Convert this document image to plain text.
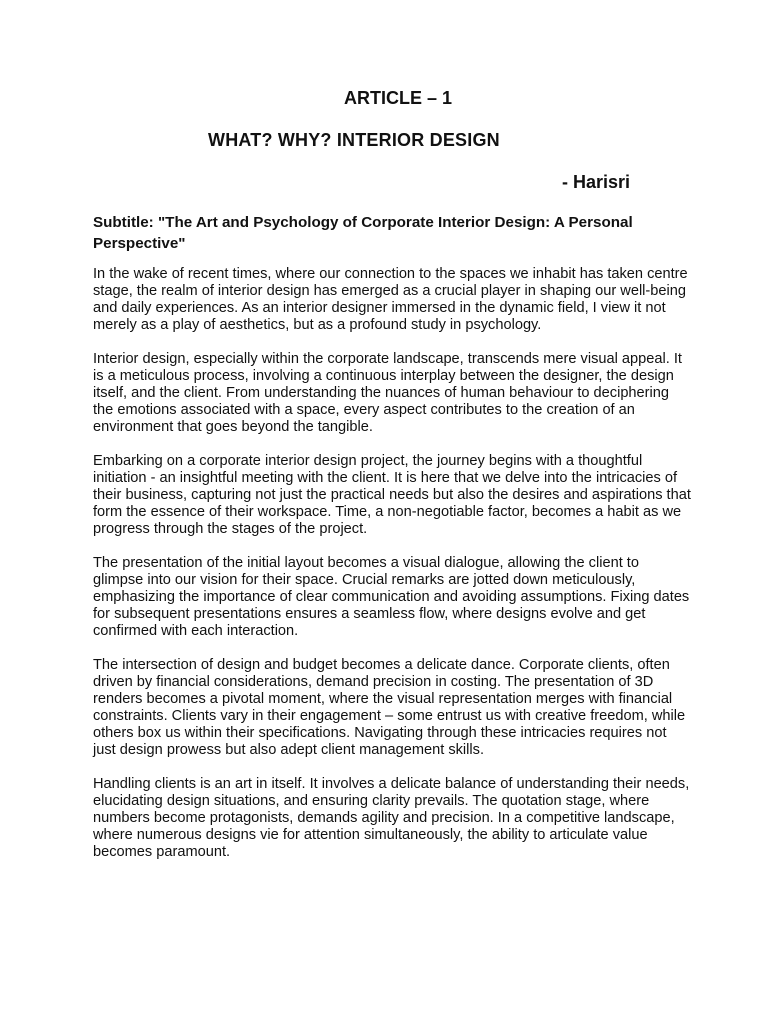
ARTICLE – 1
WHAT? WHY? INTERIOR DESIGN

- Harisri

Subtitle: "The Art and Psychology of Corporate Interior Design: A Personal Perspective"

In the wake of recent times, where our connection to the spaces we inhabit has taken centre stage, the realm of interior design has emerged as a crucial player in shaping our well-being and daily experiences. As an interior designer immersed in the dynamic field, I view it not merely as a play of aesthetics, but as a profound study in psychology.

Interior design, especially within the corporate landscape, transcends mere visual appeal. It is a meticulous process, involving a continuous interplay between the designer, the design itself, and the client. From understanding the nuances of human behaviour to deciphering the emotions associated with a space, every aspect contributes to the creation of an environment that goes beyond the tangible.

Embarking on a corporate interior design project, the journey begins with a thoughtful initiation - an insightful meeting with the client. It is here that we delve into the intricacies of their business, capturing not just the practical needs but also the desires and aspirations that form the essence of their workspace. Time, a non-negotiable factor, becomes a habit as we progress through the stages of the project.

The presentation of the initial layout becomes a visual dialogue, allowing the client to glimpse into our vision for their space. Crucial remarks are jotted down meticulously, emphasizing the importance of clear communication and avoiding assumptions. Fixing dates for subsequent presentations ensures a seamless flow, where designs evolve and get confirmed with each interaction.

The intersection of design and budget becomes a delicate dance. Corporate clients, often driven by financial considerations, demand precision in costing. The presentation of 3D renders becomes a pivotal moment, where the visual representation merges with financial constraints. Clients vary in their engagement – some entrust us with creative freedom, while others box us within their specifications. Navigating through these intricacies requires not just design prowess but also adept client management skills.

Handling clients is an art in itself. It involves a delicate balance of understanding their needs, elucidating design situations, and ensuring clarity prevails. The quotation stage, where numbers become protagonists, demands agility and precision. In a competitive landscape, where numerous designs vie for attention simultaneously, the ability to articulate value becomes paramount.
